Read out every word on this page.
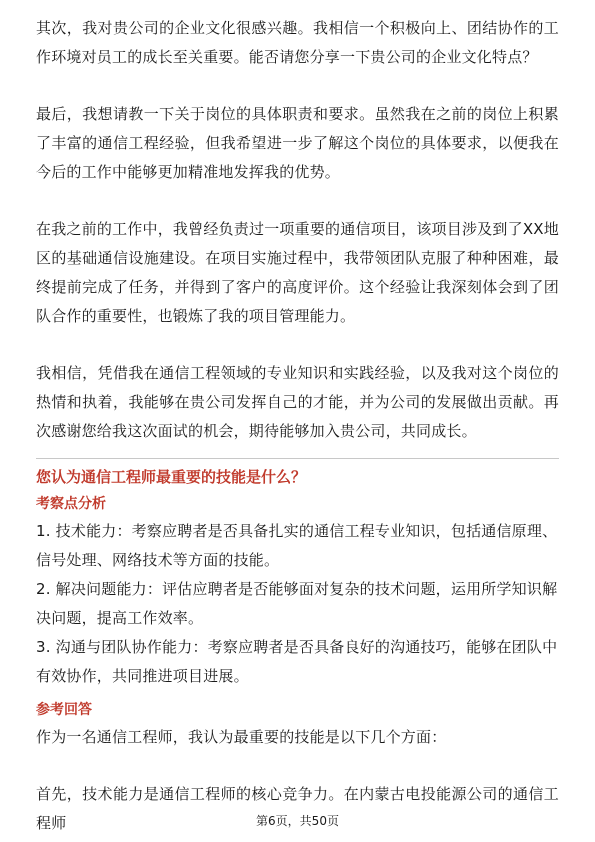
其次，我对贵公司的企业文化很感兴趣。我相信一个积极向上、团结协作的工作环境对员工的成长至关重要。能否请您分享一下贵公司的企业文化特点？

最后，我想请教一下关于岗位的具体职责和要求。虽然我在之前的岗位上积累了丰富的通信工程经验，但我希望进一步了解这个岗位的具体要求，以便我在今后的工作中能够更加精准地发挥我的优势。

在我之前的工作中，我曾经负责过一项重要的通信项目，该项目涉及到了XX地区的基础通信设施建设。在项目实施过程中，我带领团队克服了种种困难，最终提前完成了任务，并得到了客户的高度评价。这个经验让我深刻体会到了团队合作的重要性，也锻炼了我的项目管理能力。

我相信，凭借我在通信工程领域的专业知识和实践经验，以及我对这个岗位的热情和执着，我能够在贵公司发挥自己的才能，并为公司的发展做出贡献。再次感谢您给我这次面试的机会，期待能够加入贵公司，共同成长。

您认为通信工程师最重要的技能是什么？

考察点分析

1. 技术能力：考察应聘者是否具备扎实的通信工程专业知识，包括通信原理、信号处理、网络技术等方面的技能。

2. 解决问题能力：评估应聘者是否能够面对复杂的技术问题，运用所学知识解决问题，提高工作效率。

3. 沟通与团队协作能力：考察应聘者是否具备良好的沟通技巧，能够在团队中有效协作，共同推进项目进展。

参考回答

作为一名通信工程师，我认为最重要的技能是以下几个方面：

首先，技术能力是通信工程师的核心竞争力。在内蒙古电投能源公司的通信工程师	第6页，共50页
